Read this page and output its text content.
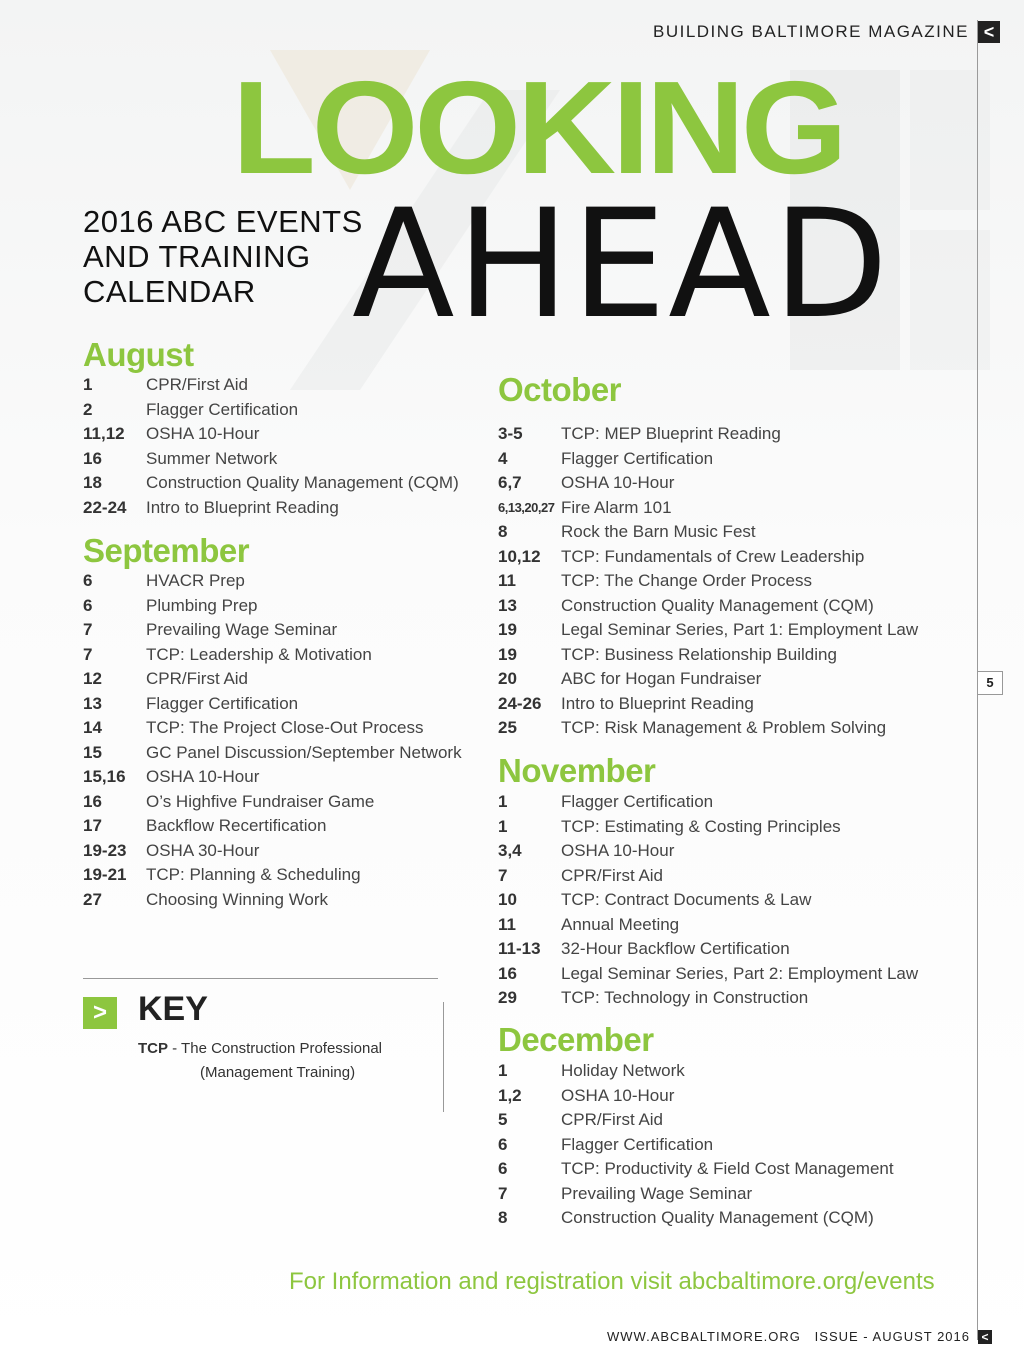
BUILDING BALTIMORE MAGAZINE <
LOOKING
AHEAD
2016 ABC EVENTS
AND TRAINING
CALENDAR
5
August
September
October
November
December
1	CPR/First Aid
2	Flagger Certification
11,12	OSHA 10-Hour
16	Summer Network
18	Construction Quality Management (CQM)
22-24	Intro to Blueprint Reading
6	HVACR Prep
6	Plumbing Prep
7	Prevailing Wage Seminar
7	TCP: Leadership & Motivation
12	CPR/First Aid
13	Flagger Certification
14	TCP: The Project Close-Out Process
15	GC Panel Discussion/September Network
15,16	OSHA 10-Hour
16	O’s Highfive Fundraiser Game
17	Backflow Recertification
19-23	OSHA 30-Hour
19-21	TCP: Planning & Scheduling
27	Choosing Winning Work
3-5	TCP: MEP Blueprint Reading
4	Flagger Certification
6,7	OSHA 10-Hour
6,13,20,27 Fire Alarm 101
8	Rock the Barn Music Fest
10,12	TCP: Fundamentals of Crew Leadership
11	TCP: The Change Order Process
13	Construction Quality Management (CQM)
19	Legal Seminar Series, Part 1: Employment Law
19	TCP: Business Relationship Building
20	ABC for Hogan Fundraiser
24-26	Intro to Blueprint Reading
25	TCP: Risk Management & Problem Solving
1	Flagger Certification
1	TCP: Estimating & Costing Principles
3,4	OSHA 10-Hour
7	CPR/First Aid
10	TCP: Contract Documents & Law
11	Annual Meeting
11-13	32-Hour Backflow Certification
16	Legal Seminar Series, Part 2: Employment Law
29	TCP: Technology in Construction
1	Holiday Network
1,2	OSHA 10-Hour
5	CPR/First Aid
6	Flagger Certification
6	TCP: Productivity & Field Cost Management
7	Prevailing Wage Seminar
8	Construction Quality Management (CQM)
> KEY
TCP - The Construction Professional
(Management Training)
For Information and registration visit abcbaltimore.org/events
WWW.ABCBALTIMORE.ORG   ISSUE - AUGUST 2016 <
